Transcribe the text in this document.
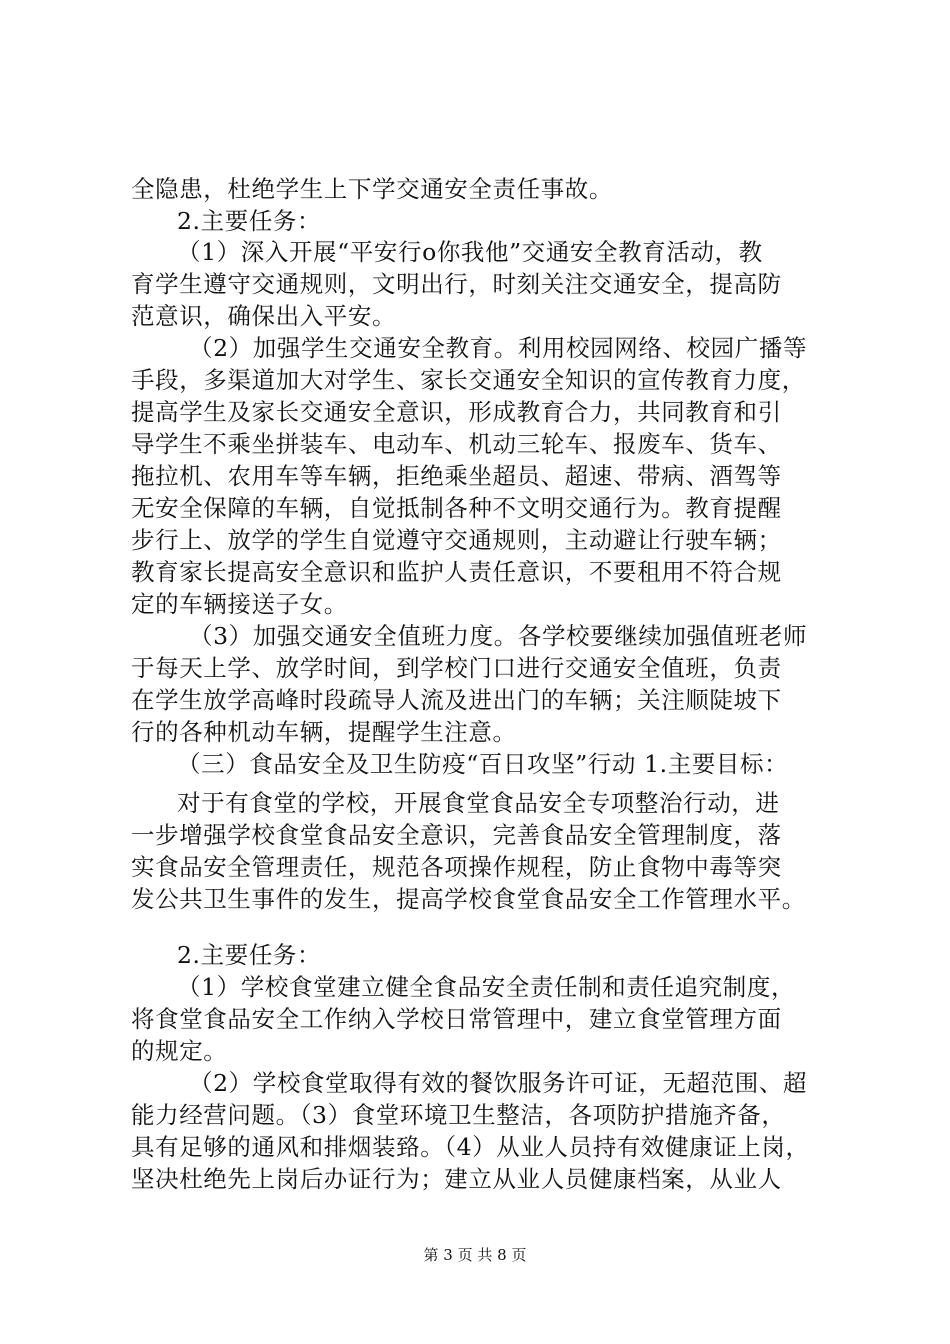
全隐患，杜绝学生上下学交通安全责任事故。
2.主要任务：
（1）深入开展“平安行o你我他”交通安全教育活动，教
育学生遵守交通规则，文明出行，时刻关注交通安全，提高防
范意识，确保出入平安。
（2）加强学生交通安全教育。利用校园网络、校园广播等
手段，多渠道加大对学生、家长交通安全知识的宣传教育力度，
提高学生及家长交通安全意识，形成教育合力，共同教育和引
导学生不乘坐拼装车、电动车、机动三轮车、报废车、货车、
拖拉机、农用车等车辆，拒绝乘坐超员、超速、带病、酒驾等
无安全保障的车辆，自觉抵制各种不文明交通行为。教育提醒
步行上、放学的学生自觉遵守交通规则，主动避让行驶车辆；
教育家长提高安全意识和监护人责任意识，不要租用不符合规
定的车辆接送子女。
（3）加强交通安全值班力度。各学校要继续加强值班老师
于每天上学、放学时间，到学校门口进行交通安全值班，负责
在学生放学高峰时段疏导人流及进出门的车辆；关注顺陡坡下
行的各种机动车辆，提醒学生注意。
（三）食品安全及卫生防疫“百日攻坚”行动 1.主要目标：
对于有食堂的学校，开展食堂食品安全专项整治行动，进
一步增强学校食堂食品安全意识，完善食品安全管理制度，落
实食品安全管理责任，规范各项操作规程，防止食物中毒等突
发公共卫生事件的发生，提高学校食堂食品安全工作管理水平。
2.主要任务：
（1）学校食堂建立健全食品安全责任制和责任追究制度，
将食堂食品安全工作纳入学校日常管理中，建立食堂管理方面
的规定。
（2）学校食堂取得有效的餐饮服务许可证，无超范围、超
能力经营问题。（3）食堂环境卫生整洁，各项防护措施齐备，
具有足够的通风和排烟装臵。（4）从业人员持有效健康证上岗，
坚决杜绝先上岗后办证行为；建立从业人员健康档案，从业人
第 3 页 共 8 页
